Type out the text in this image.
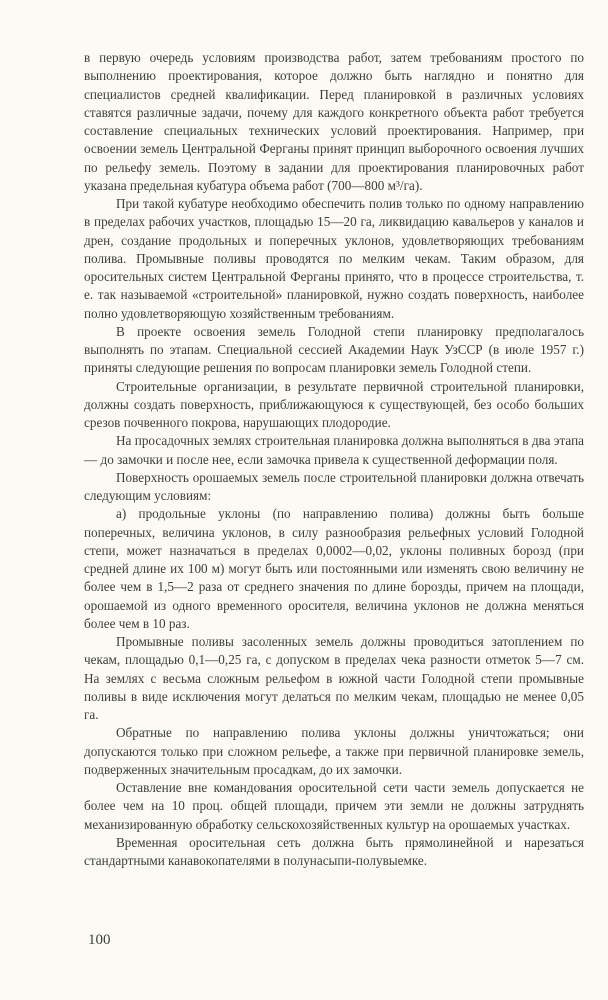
в первую очередь условиям производства работ, затем требованиям простого по выполнению проектирования, которое должно быть наглядно и понятно для специалистов средней квалификации. Перед планировкой в различных условиях ставятся различные задачи, почему для каждого конкретного объекта работ требуется составление специальных технических условий проектирования. Например, при освоении земель Центральной Ферганы принят принцип выборочного освоения лучших по рельефу земель. Поэтому в задании для проектирования планировочных работ указана предельная кубатура объема работ (700—800 м³/га).

При такой кубатуре необходимо обеспечить полив только по одному направлению в пределах рабочих участков, площадью 15—20 га, ликвидацию кавальеров у каналов и дрен, создание продольных и поперечных уклонов, удовлетворяющих требованиям полива. Промывные поливы проводятся по мелким чекам. Таким образом, для оросительных систем Центральной Ферганы принято, что в процессе строительства, т. е. так называемой «строительной» планировкой, нужно создать поверхность, наиболее полно удовлетворяющую хозяйственным требованиям.

В проекте освоения земель Голодной степи планировку предполагалось выполнять по этапам. Специальной сессией Академии Наук УзССР (в июле 1957 г.) приняты следующие решения по вопросам планировки земель Голодной степи.

Строительные организации, в результате первичной строительной планировки, должны создать поверхность, приближающуюся к существующей, без особо больших срезов почвенного покрова, нарушающих плодородие.

На просадочных землях строительная планировка должна выполняться в два этапа — до замочки и после нее, если замочка привела к существенной деформации поля.

Поверхность орошаемых земель после строительной планировки должна отвечать следующим условиям:

а) продольные уклоны (по направлению полива) должны быть больше поперечных, величина уклонов, в силу разнообразия рельефных условий Голодной степи, может назначаться в пределах 0,0002—0,02, уклоны поливных борозд (при средней длине их 100 м) могут быть или постоянными или изменять свою величину не более чем в 1,5—2 раза от среднего значения по длине борозды, причем на площади, орошаемой из одного временного оросителя, величина уклонов не должна меняться более чем в 10 раз.

Промывные поливы засоленных земель должны проводиться затоплением по чекам, площадью 0,1—0,25 га, с допуском в пределах чека разности отметок 5—7 см. На землях с весьма сложным рельефом в южной части Голодной степи промывные поливы в виде исключения могут делаться по мелким чекам, площадью не менее 0,05 га.

Обратные по направлению полива уклоны должны уничтожаться; они допускаются только при сложном рельефе, а также при первичной планировке земель, подверженных значительным просадкам, до их замочки.

Оставление вне командования оросительной сети части земель допускается не более чем на 10 проц. общей площади, причем эти земли не должны затруднять механизированную обработку сельскохозяйственных культур на орошаемых участках.

Временная оросительная сеть должна быть прямолинейной и нарезаться стандартными канавокопателями в полунасыпи-полувыемке.

100
